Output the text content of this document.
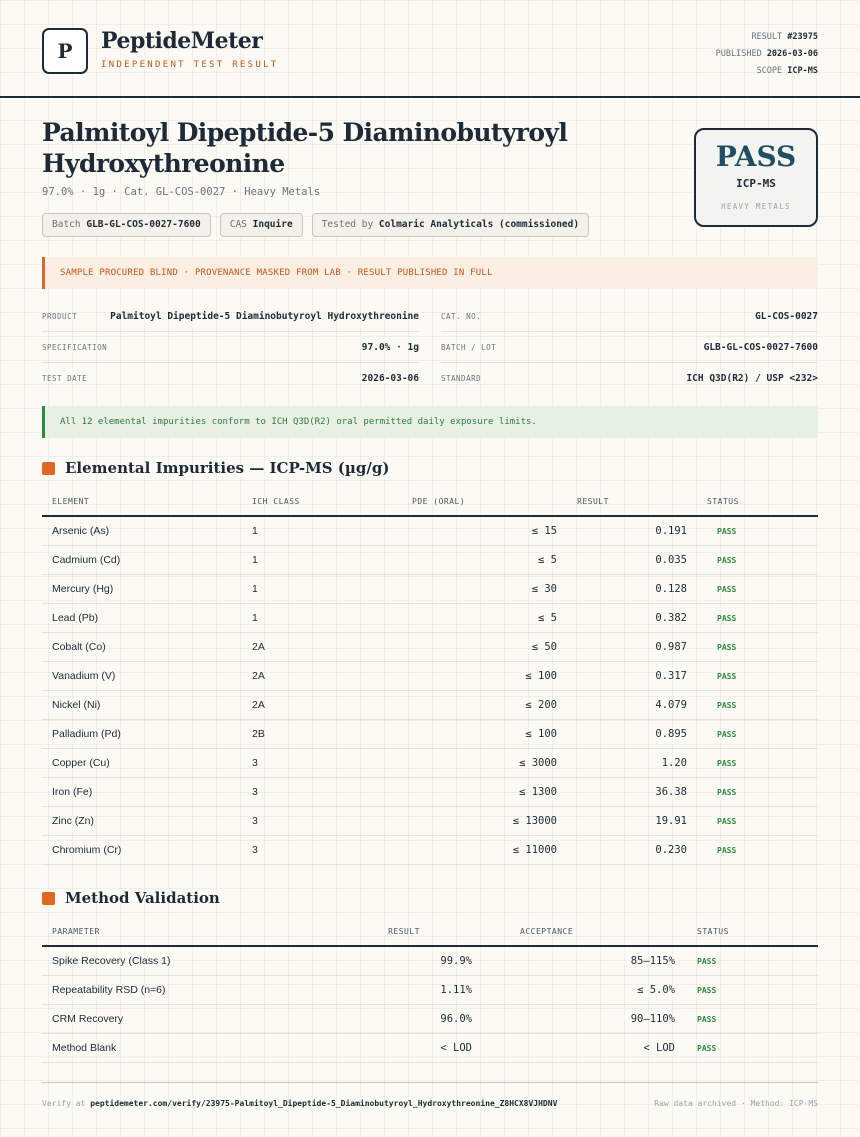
P PeptideMeter
INDEPENDENT TEST RESULT
RESULT #23975
PUBLISHED 2026-03-06
SCOPE ICP-MS
Palmitoyl Dipeptide-5 Diaminobutyroyl Hydroxythreonine
97.0% · 1g · Cat. GL-COS-0027 · Heavy Metals
Batch GLB-GL-COS-0027-7600	CAS Inquire	Tested by Colmaric Analyticals (commissioned)
PASS
ICP-MS
HEAVY METALS
SAMPLE PROCURED BLIND · PROVENANCE MASKED FROM LAB · RESULT PUBLISHED IN FULL
PRODUCT	Palmitoyl Dipeptide-5 Diaminobutyroyl Hydroxythreonine
SPECIFICATION	97.0% · 1g
TEST DATE	2026-03-06
CAT. NO.	GL-COS-0027
BATCH / LOT	GLB-GL-COS-0027-7600
STANDARD	ICH Q3D(R2) / USP <232>
All 12 elemental impurities conform to ICH Q3D(R2) oral permitted daily exposure limits.
Elemental Impurities — ICP-MS (µg/g)
ELEMENT	ICH CLASS	PDE (ORAL)	RESULT	STATUS
Arsenic (As)	1	≤ 15	0.191	PASS
Cadmium (Cd)	1	≤ 5	0.035	PASS
Mercury (Hg)	1	≤ 30	0.128	PASS
Lead (Pb)	1	≤ 5	0.382	PASS
Cobalt (Co)	2A	≤ 50	0.987	PASS
Vanadium (V)	2A	≤ 100	0.317	PASS
Nickel (Ni)	2A	≤ 200	4.079	PASS
Palladium (Pd)	2B	≤ 100	0.895	PASS
Copper (Cu)	3	≤ 3000	1.20	PASS
Iron (Fe)	3	≤ 1300	36.38	PASS
Zinc (Zn)	3	≤ 13000	19.91	PASS
Chromium (Cr)	3	≤ 11000	0.230	PASS
Method Validation
PARAMETER	RESULT	ACCEPTANCE	STATUS
Spike Recovery (Class 1)	99.9%	85–115%	PASS
Repeatability RSD (n=6)	1.11%	≤ 5.0%	PASS
CRM Recovery	96.0%	90–110%	PASS
Method Blank	< LOD	< LOD	PASS
Verify at peptidemeter.com/verify/23975-Palmitoyl_Dipeptide-5_Diaminobutyroyl_Hydroxythreonine_Z8HCX8VJHDNV	Raw data archived · Method: ICP-MS
